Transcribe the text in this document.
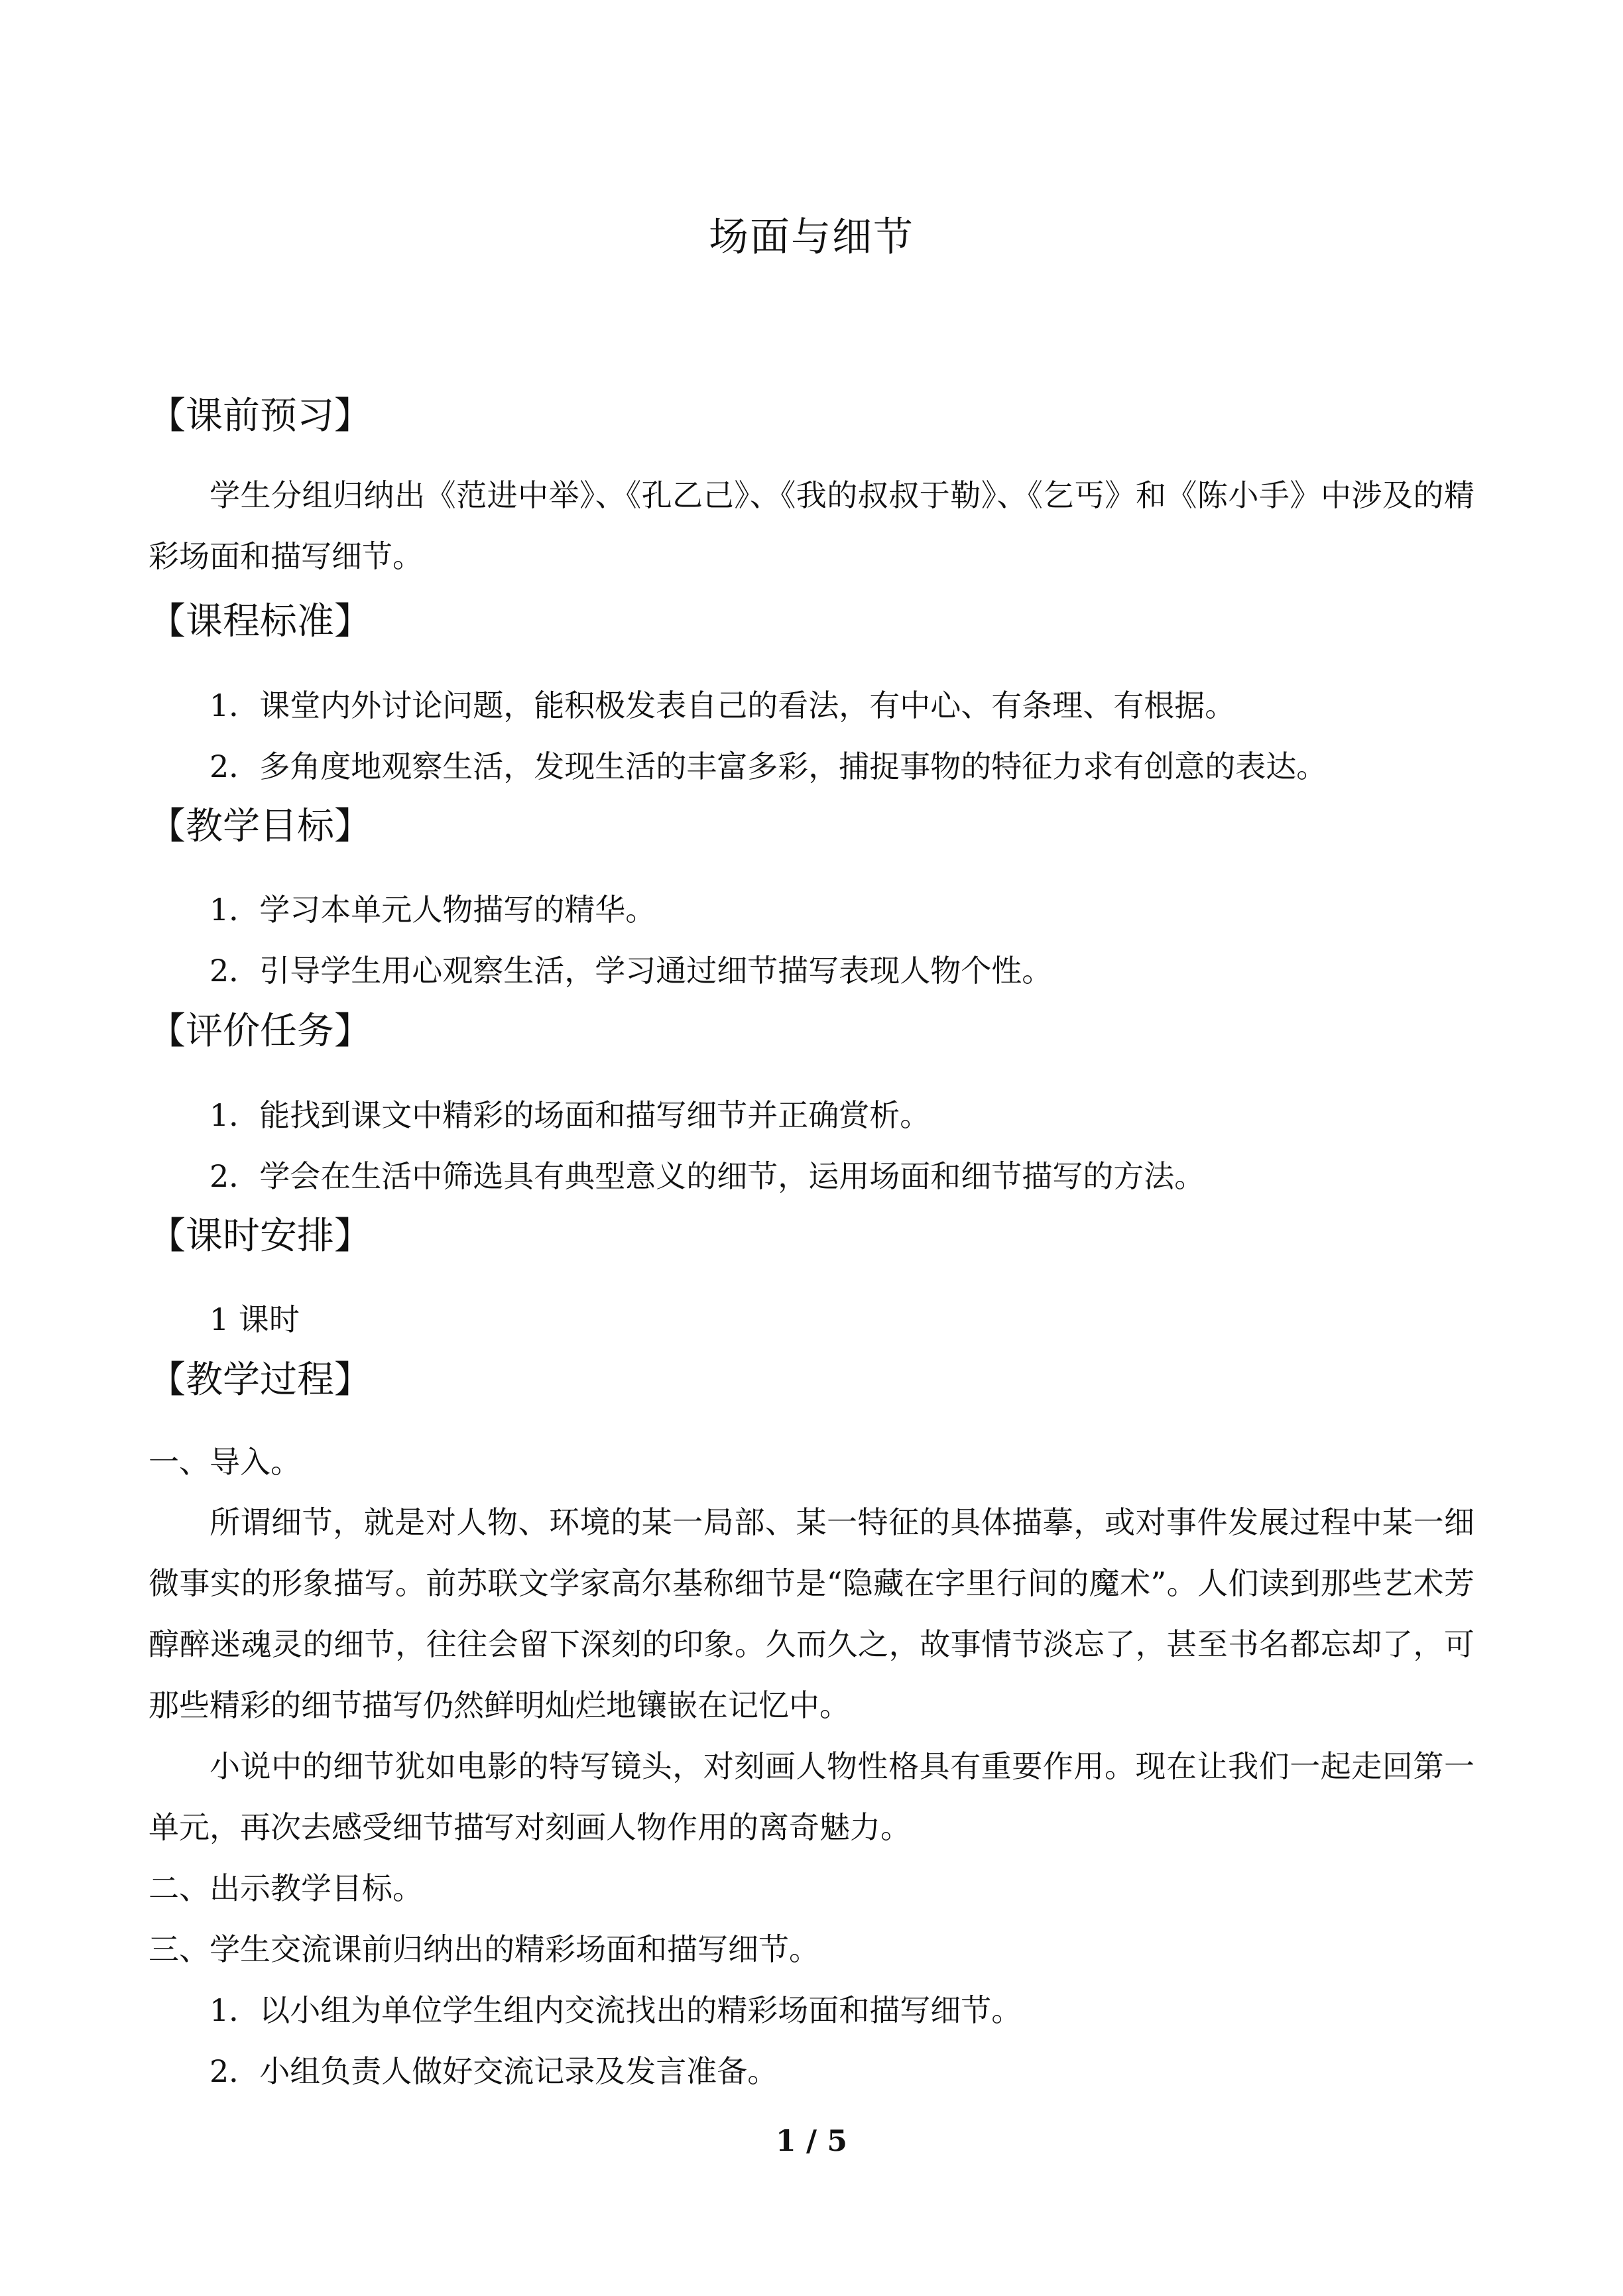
场面与细节
【课前预习】
学生分组归纳出《范进中举》、《孔乙己》、《我的叔叔于勒》、《乞丐》和《陈小手》中涉及的精彩场面和描写细节。
【课程标准】
1．课堂内外讨论问题，能积极发表自己的看法，有中心、有条理、有根据。
2．多角度地观察生活，发现生活的丰富多彩，捕捉事物的特征力求有创意的表达。
【教学目标】
1．学习本单元人物描写的精华。
2．引导学生用心观察生活，学习通过细节描写表现人物个性。
【评价任务】
1．能找到课文中精彩的场面和描写细节并正确赏析。
2．学会在生活中筛选具有典型意义的细节，运用场面和细节描写的方法。
【课时安排】
1 课时
【教学过程】
一、导入。
所谓细节，就是对人物、环境的某一局部、某一特征的具体描摹，或对事件发展过程中某一细微事实的形象描写。前苏联文学家高尔基称细节是“隐藏在字里行间的魔术”。人们读到那些艺术芳醇醉迷魂灵的细节，往往会留下深刻的印象。久而久之，故事情节淡忘了，甚至书名都忘却了，可那些精彩的细节描写仍然鲜明灿烂地镶嵌在记忆中。
小说中的细节犹如电影的特写镜头，对刻画人物性格具有重要作用。现在让我们一起走回第一单元，再次去感受细节描写对刻画人物作用的离奇魅力。
二、出示教学目标。
三、学生交流课前归纳出的精彩场面和描写细节。
1．以小组为单位学生组内交流找出的精彩场面和描写细节。
2．小组负责人做好交流记录及发言准备。
1 / 5
